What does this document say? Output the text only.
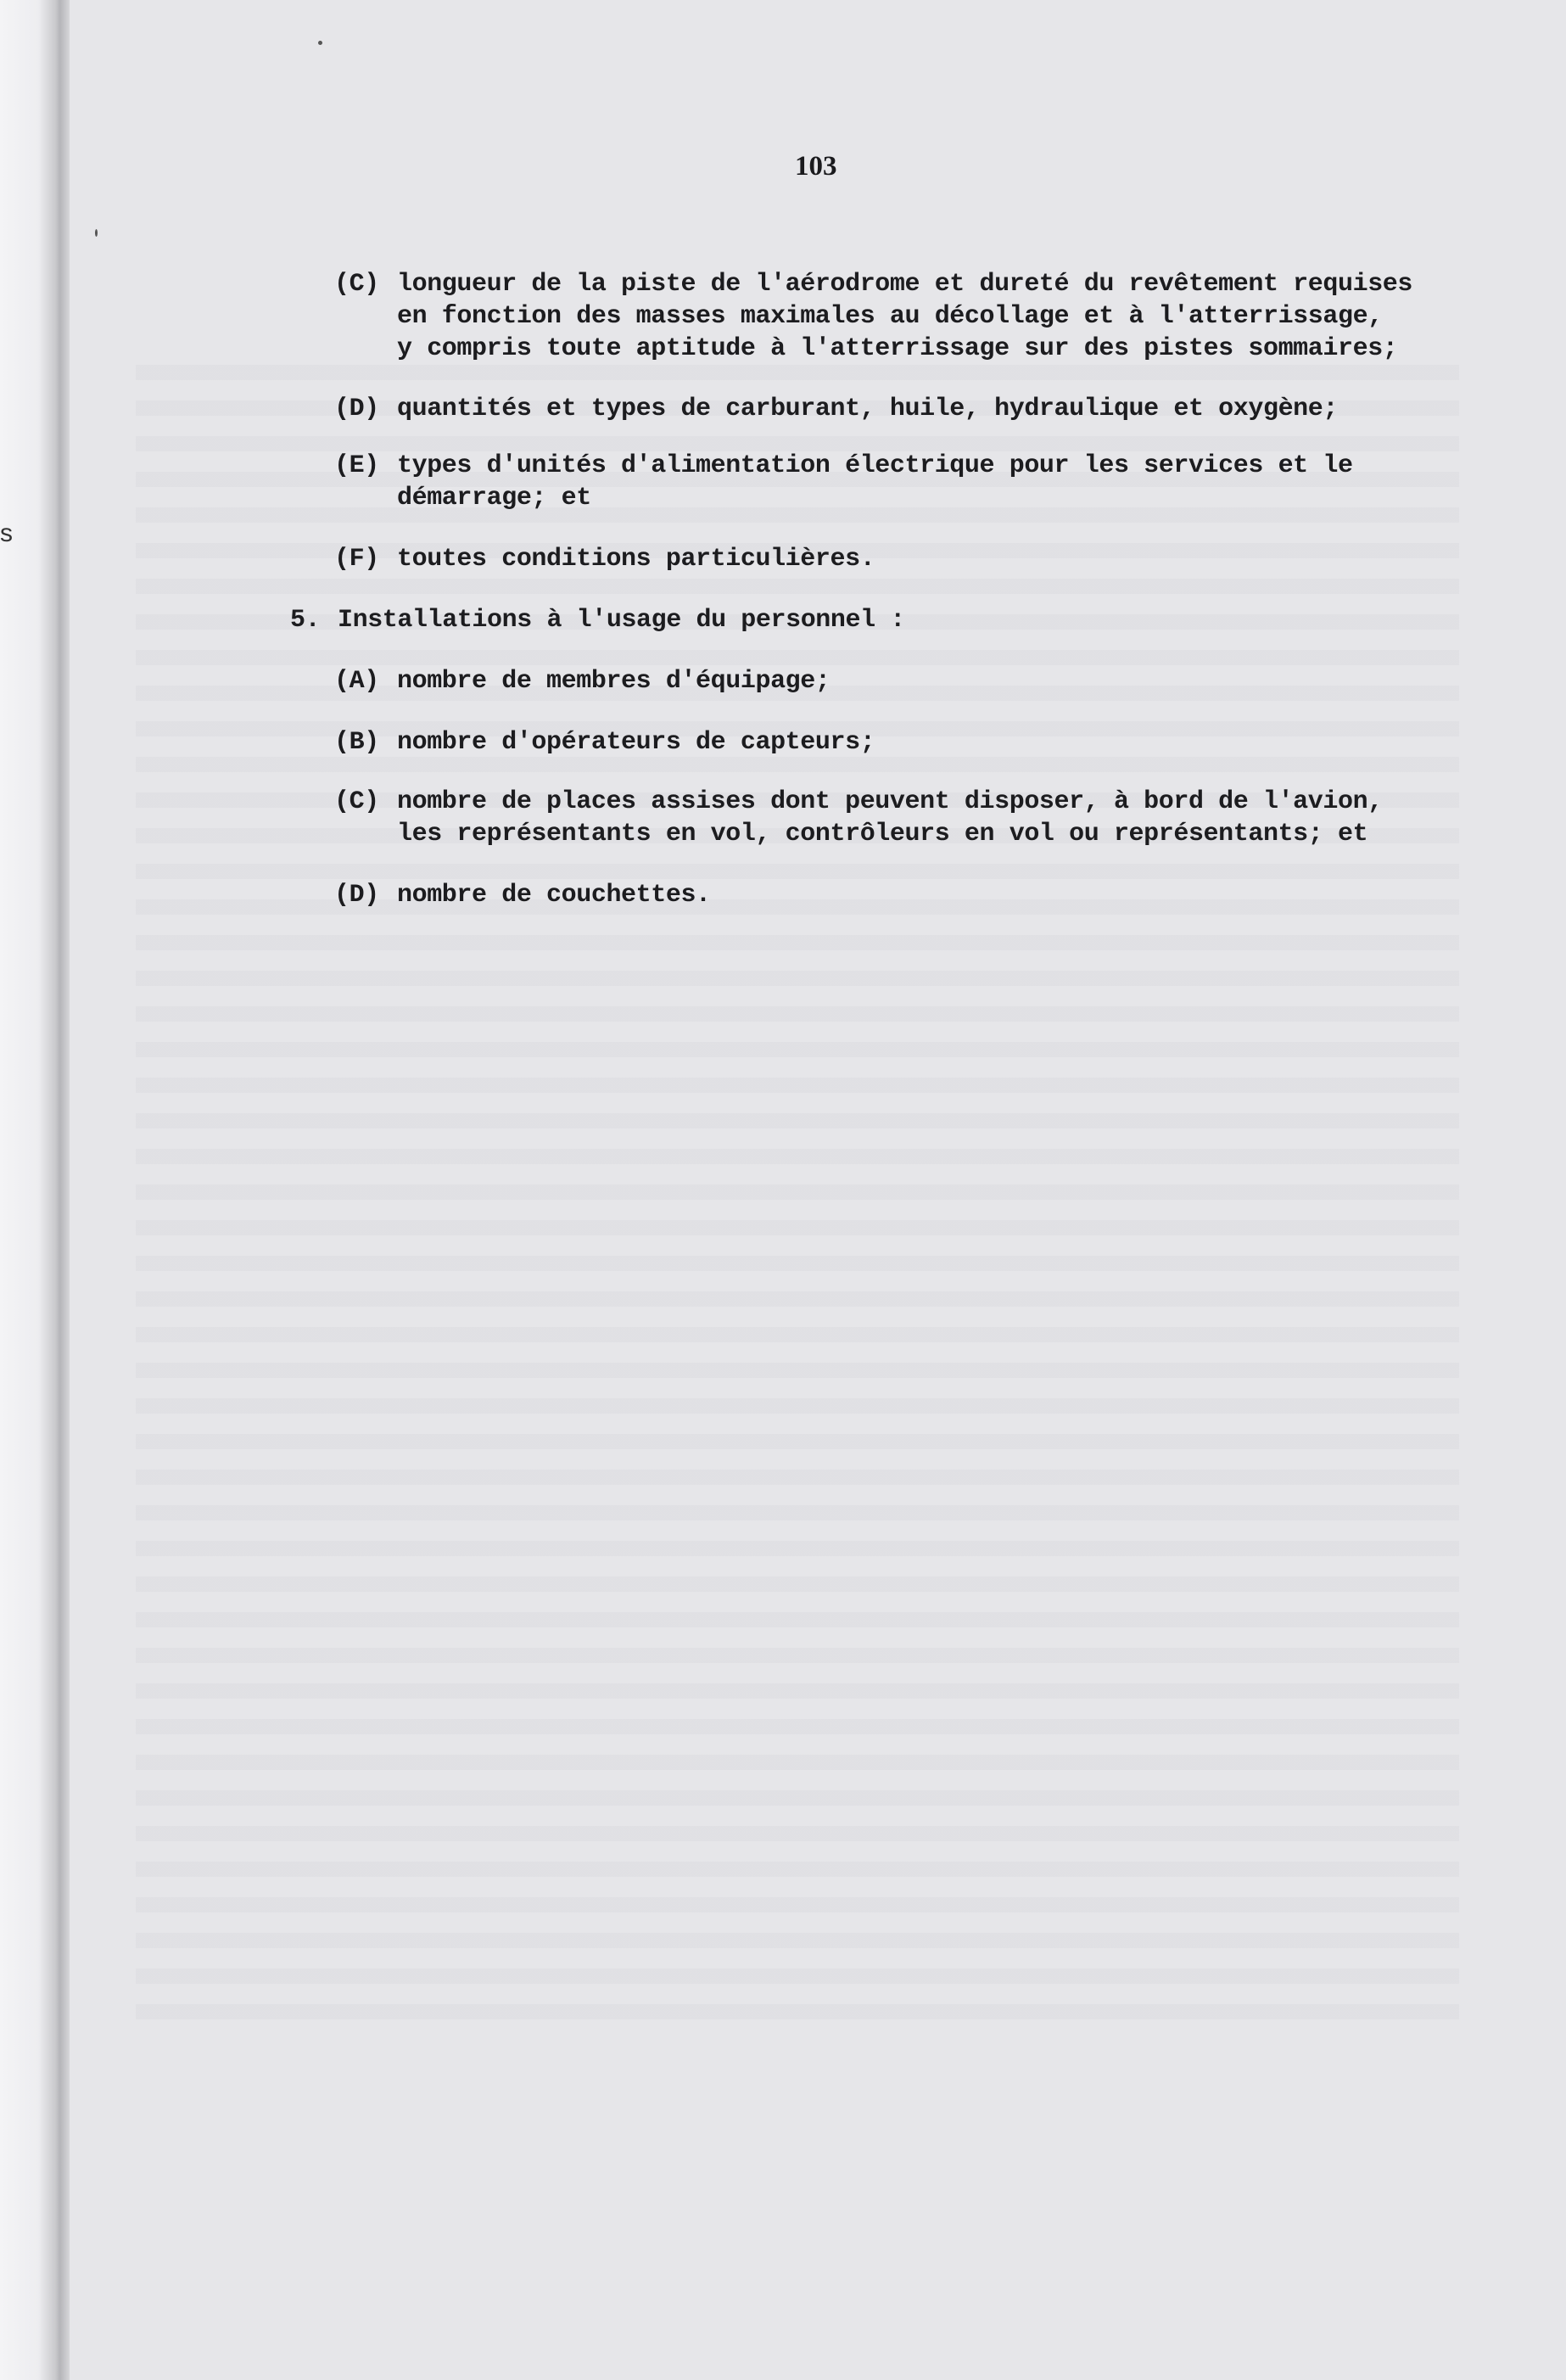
s
103
(C) longueur de la piste de l'aérodrome et dureté du revêtement requises
en fonction des masses maximales au décollage et à l'atterrissage,
y compris toute aptitude à l'atterrissage sur des pistes sommaires;
(D) quantités et types de carburant, huile, hydraulique et oxygène;
(E) types d'unités d'alimentation électrique pour les services et le
démarrage; et
(F) toutes conditions particulières.
5. Installations à l'usage du personnel :
(A) nombre de membres d'équipage;
(B) nombre d'opérateurs de capteurs;
(C) nombre de places assises dont peuvent disposer, à bord de l'avion,
les représentants en vol, contrôleurs en vol ou représentants; et
(D) nombre de couchettes.
